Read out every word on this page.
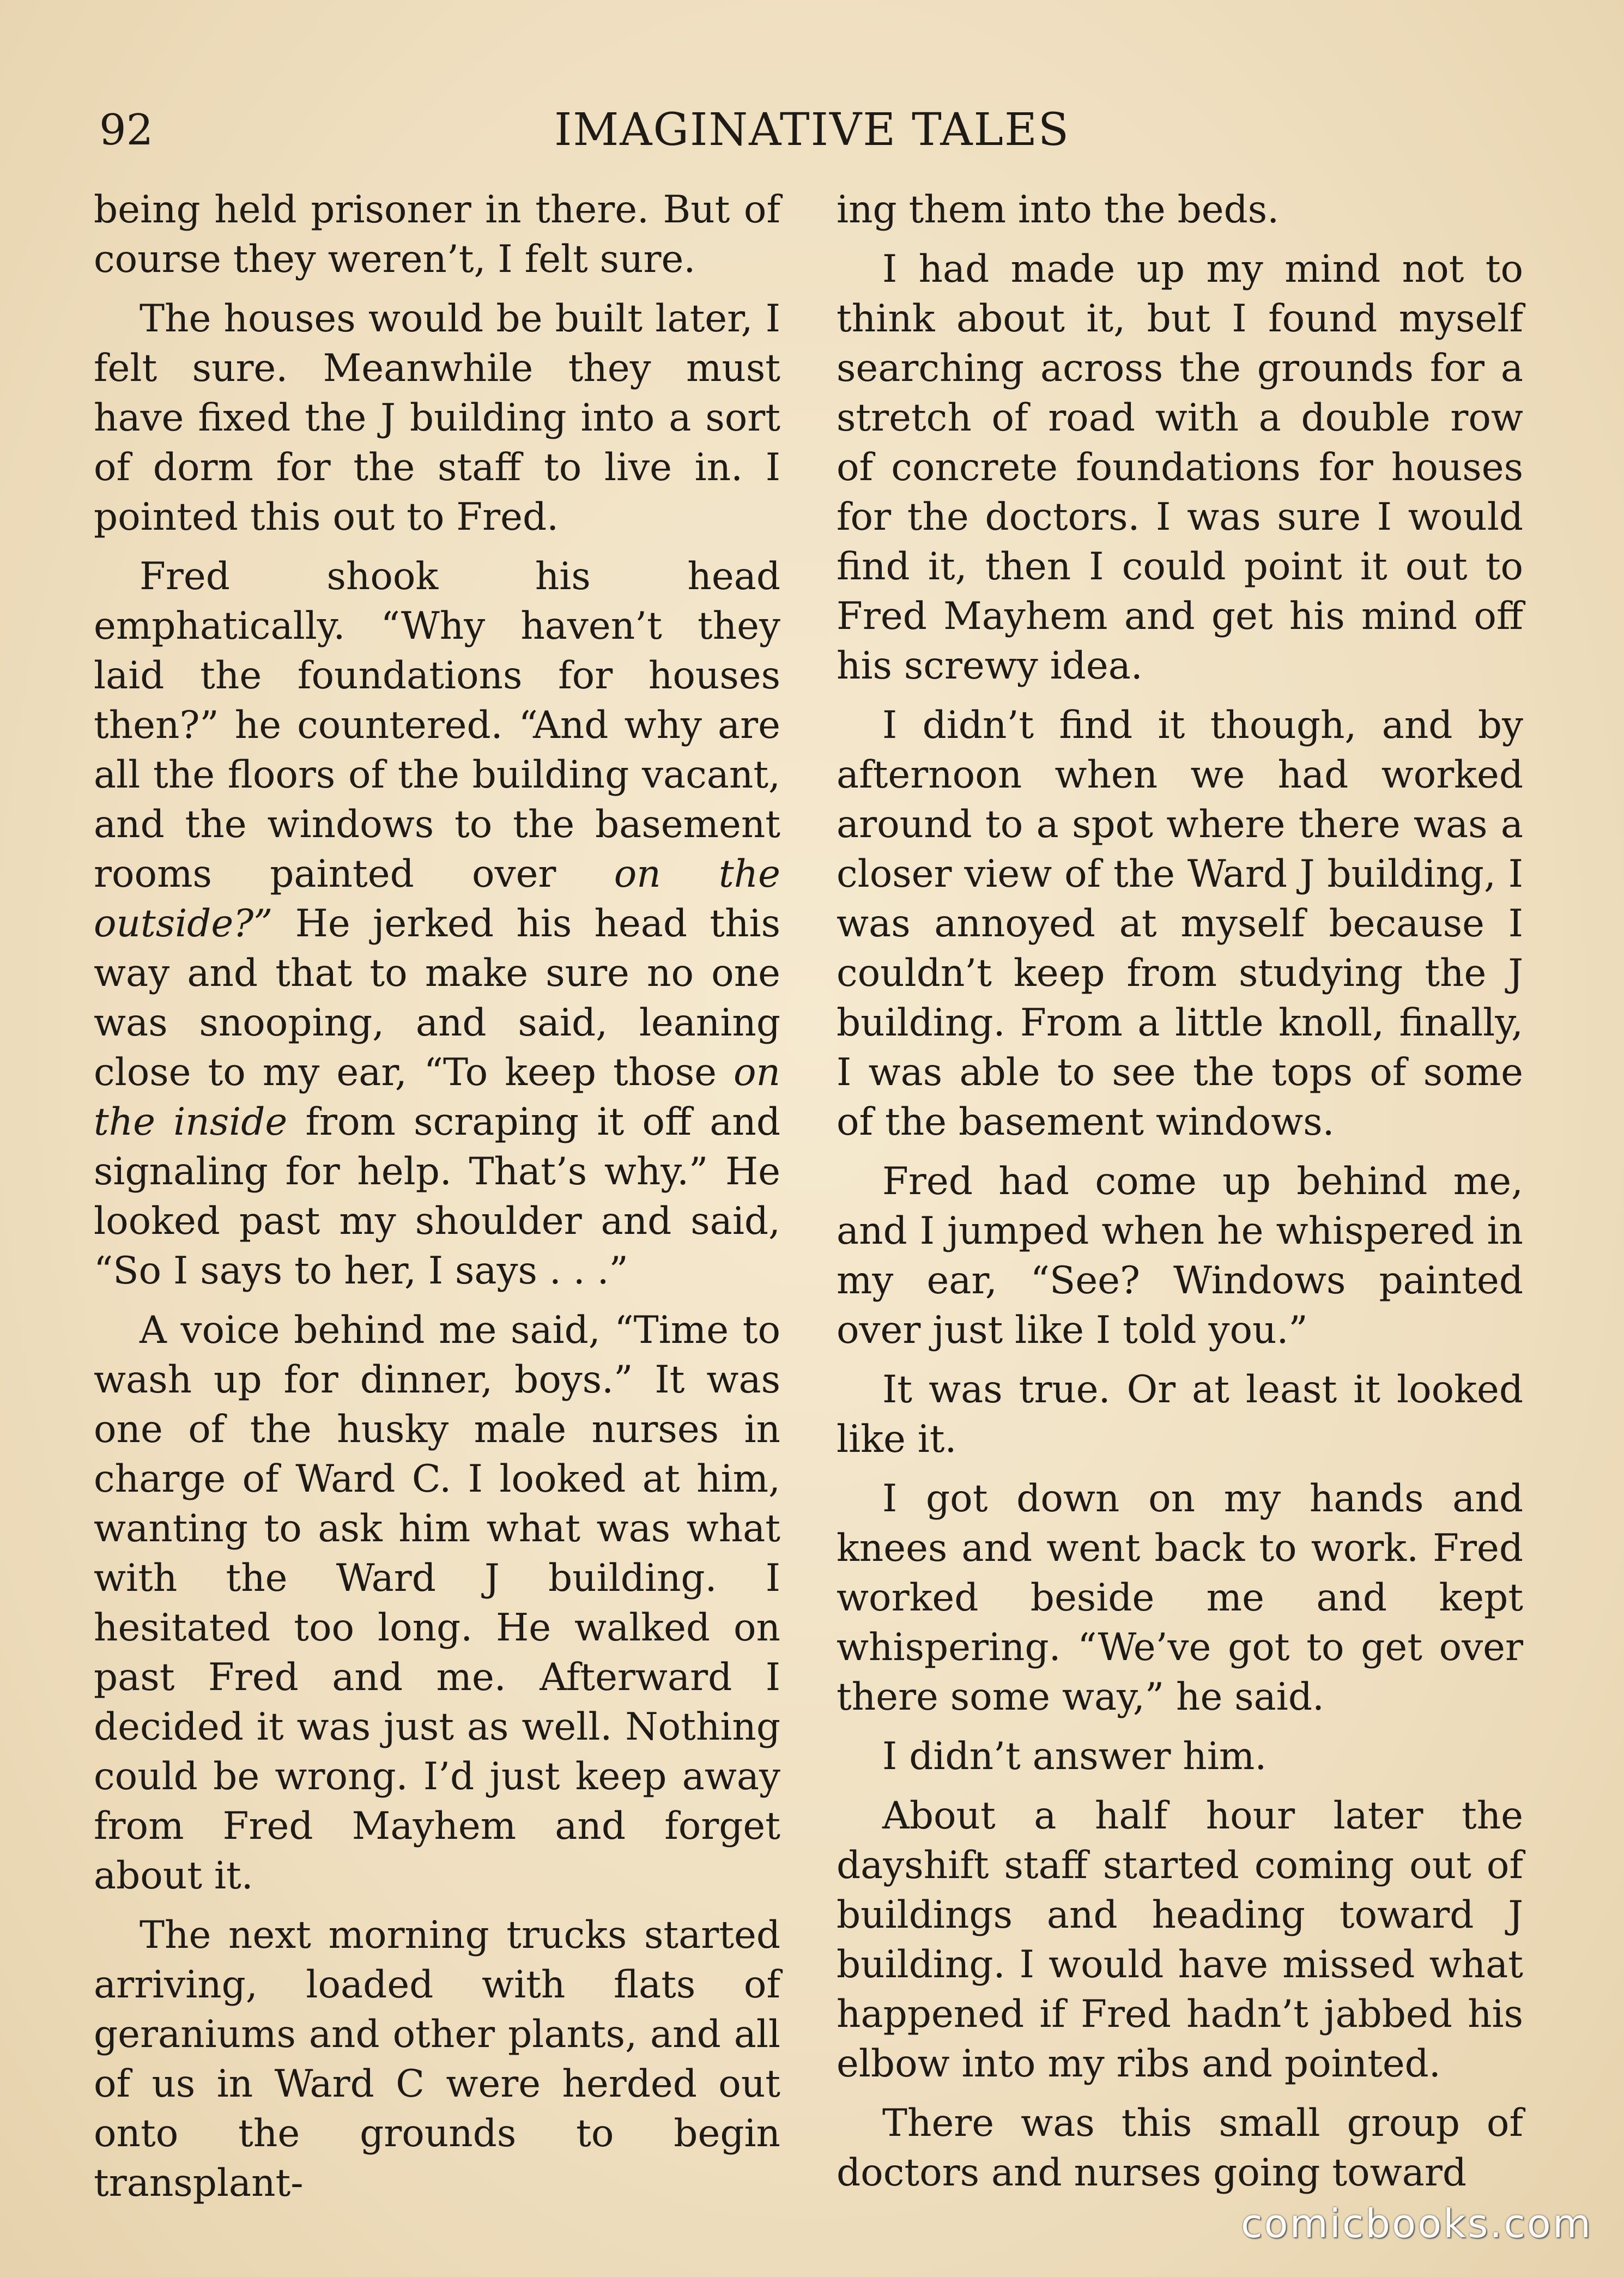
92	IMAGINATIVE TALES

being held prisoner in there. But of course they weren’t, I felt sure.

The houses would be built later, I felt sure. Meanwhile they must have fixed the J building into a sort of dorm for the staff to live in. I pointed this out to Fred.

Fred shook his head emphatically. “Why haven’t they laid the foundations for houses then?” he countered. “And why are all the floors of the building vacant, and the windows to the basement rooms painted over on the outside?” He jerked his head this way and that to make sure no one was snooping, and said, leaning close to my ear, “To keep those on the inside from scraping it off and signaling for help. That’s why.” He looked past my shoulder and said, “So I says to her, I says . . .”

A voice behind me said, “Time to wash up for dinner, boys.” It was one of the husky male nurses in charge of Ward C. I looked at him, wanting to ask him what was what with the Ward J building. I hesitated too long. He walked on past Fred and me. Afterward I decided it was just as well. Nothing could be wrong. I’d just keep away from Fred Mayhem and forget about it.

The next morning trucks started arriving, loaded with flats of geraniums and other plants, and all of us in Ward C were herded out onto the grounds to begin transplant-

ing them into the beds.

I had made up my mind not to think about it, but I found myself searching across the grounds for a stretch of road with a double row of concrete foundations for houses for the doctors. I was sure I would find it, then I could point it out to Fred Mayhem and get his mind off his screwy idea.

I didn’t find it though, and by afternoon when we had worked around to a spot where there was a closer view of the Ward J building, I was annoyed at myself because I couldn’t keep from studying the J building. From a little knoll, finally, I was able to see the tops of some of the basement windows.

Fred had come up behind me, and I jumped when he whispered in my ear, “See? Windows painted over just like I told you.”

It was true. Or at least it looked like it.

I got down on my hands and knees and went back to work. Fred worked beside me and kept whispering. “We’ve got to get over there some way,” he said.

I didn’t answer him.

About a half hour later the dayshift staff started coming out of buildings and heading toward J building. I would have missed what happened if Fred hadn’t jabbed his elbow into my ribs and pointed.

There was this small group of doctors and nurses going toward

comicbooks.com
